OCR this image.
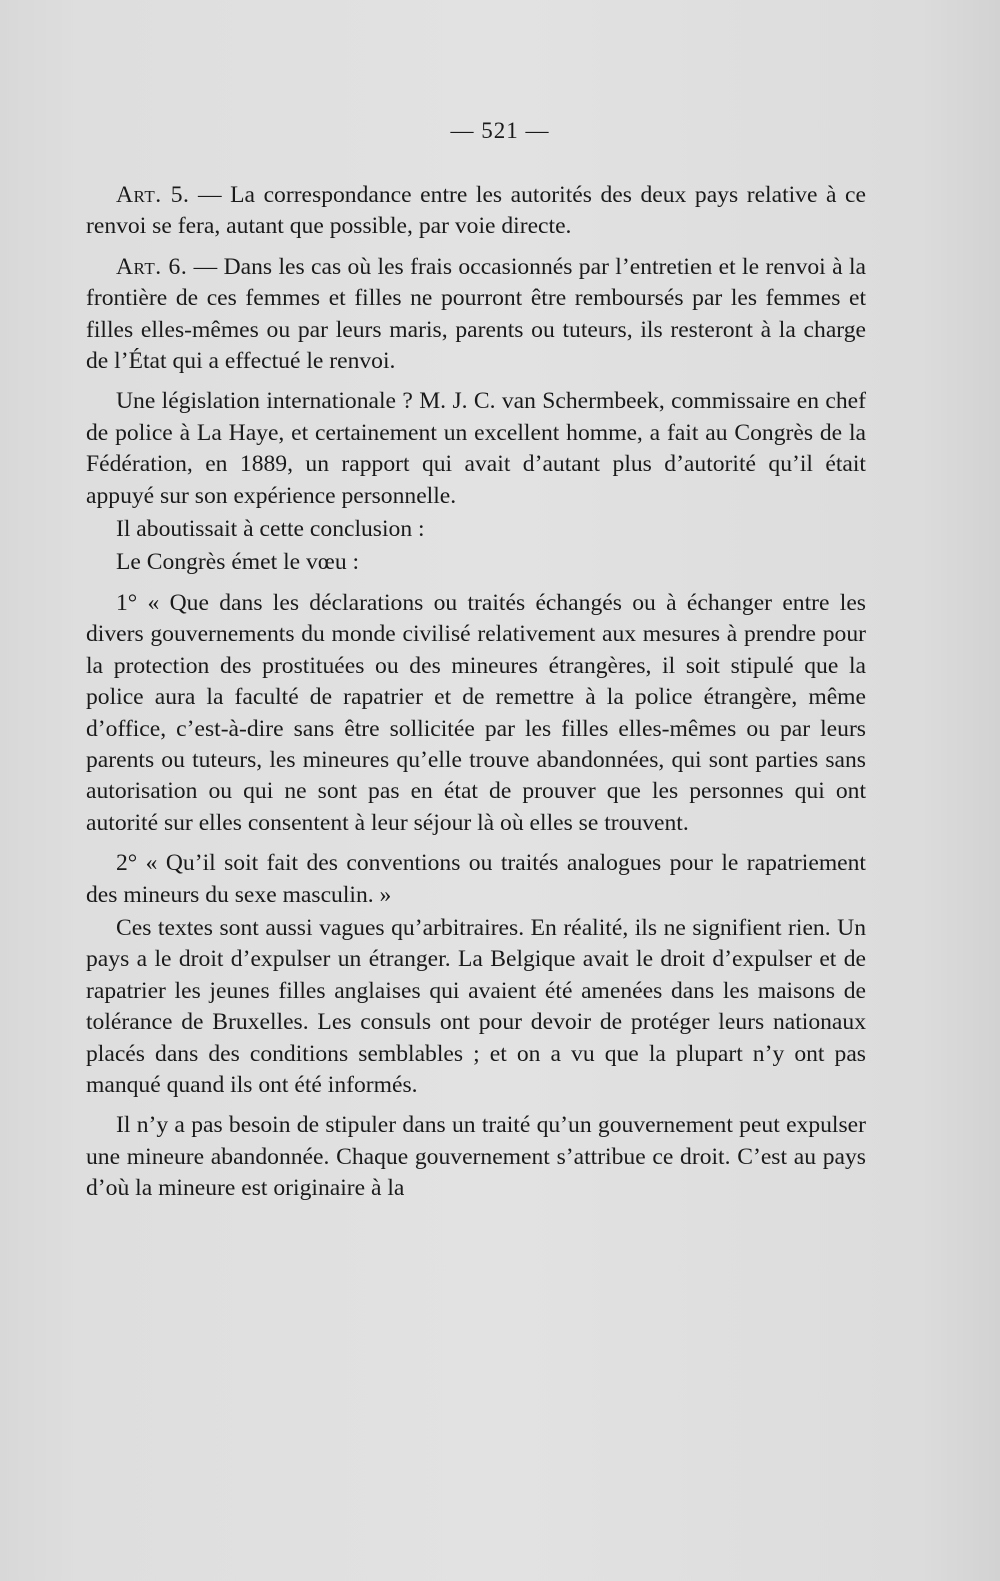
— 521 —

Art. 5. — La correspondance entre les autorités des deux pays relative à ce renvoi se fera, autant que possible, par voie directe.

Art. 6. — Dans les cas où les frais occasionnés par l’entretien et le renvoi à la frontière de ces femmes et filles ne pourront être remboursés par les femmes et filles elles-mêmes ou par leurs maris, parents ou tuteurs, ils resteront à la charge de l’État qui a effectué le renvoi.

Une législation internationale ? M. J. C. van Schermbeek, commissaire en chef de police à La Haye, et certainement un excellent homme, a fait au Congrès de la Fédération, en 1889, un rapport qui avait d’autant plus d’autorité qu’il était appuyé sur son expérience personnelle.

Il aboutissait à cette conclusion :

Le Congrès émet le vœu :

1° « Que dans les déclarations ou traités échangés ou à échanger entre les divers gouvernements du monde civilisé relativement aux mesures à prendre pour la protection des prostituées ou des mineures étrangères, il soit stipulé que la police aura la faculté de rapatrier et de remettre à la police étrangère, même d’office, c’est-à-dire sans être sollicitée par les filles elles-mêmes ou par leurs parents ou tuteurs, les mineures qu’elle trouve abandonnées, qui sont parties sans autorisation ou qui ne sont pas en état de prouver que les personnes qui ont autorité sur elles consentent à leur séjour là où elles se trouvent.

2° « Qu’il soit fait des conventions ou traités analogues pour le rapatriement des mineurs du sexe masculin. »

Ces textes sont aussi vagues qu’arbitraires. En réalité, ils ne signifient rien. Un pays a le droit d’expulser un étranger. La Belgique avait le droit d’expulser et de rapatrier les jeunes filles anglaises qui avaient été amenées dans les maisons de tolérance de Bruxelles. Les consuls ont pour devoir de protéger leurs nationaux placés dans des conditions semblables ; et on a vu que la plupart n’y ont pas manqué quand ils ont été informés.

Il n’y a pas besoin de stipuler dans un traité qu’un gouvernement peut expulser une mineure abandonnée. Chaque gouvernement s’attribue ce droit. C’est au pays d’où la mineure est originaire à la
